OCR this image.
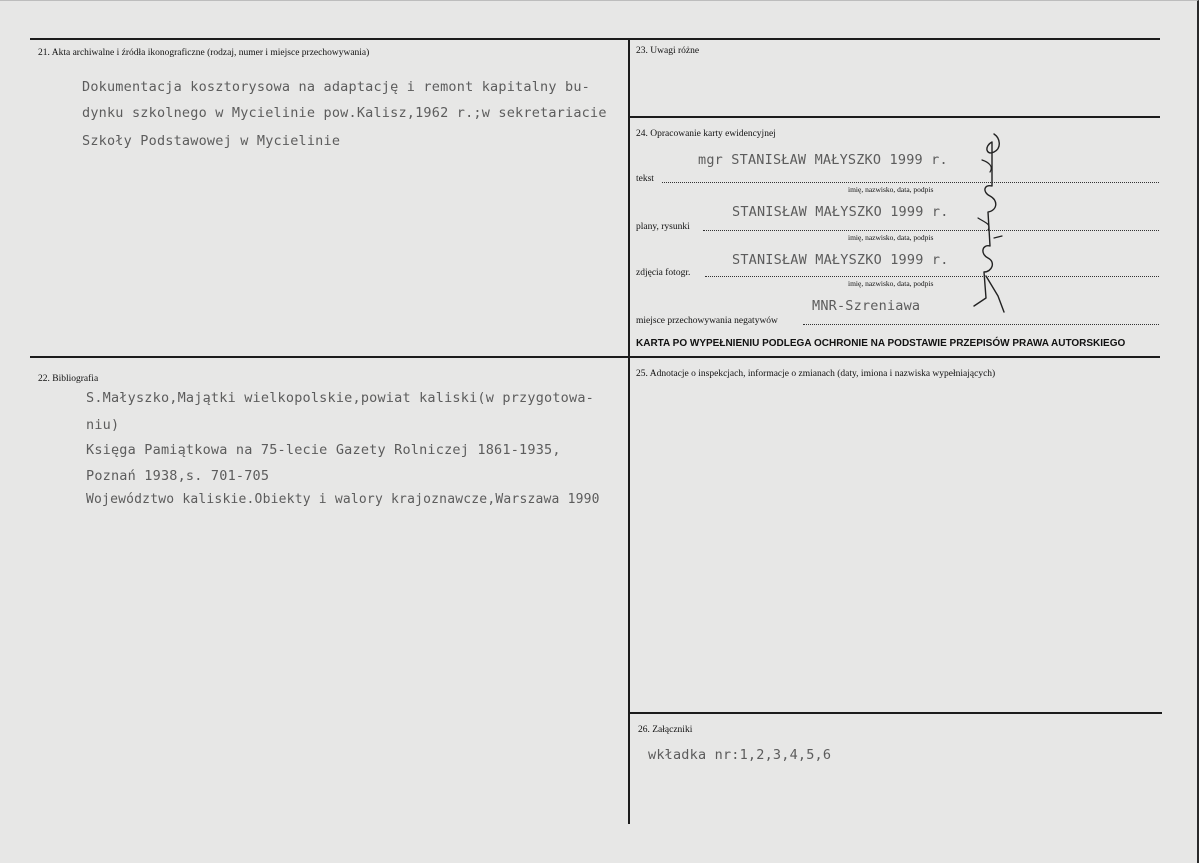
21. Akta archiwalne i źródła ikonograficzne (rodzaj, numer i miejsce przechowywania)
Dokumentacja kosztorysowa na adaptację i remont kapitalny bu-
dynku szkolnego w Mycielinie pow.Kalisz,1962 r.;w sekretariacie
Szkoły Podstawowej w Mycielinie
22. Bibliografia
S.Małyszko,Majątki wielkopolskie,powiat kaliski(w przygotowa-
niu)
Księga Pamiątkowa na 75-lecie Gazety Rolniczej 1861-1935,
Poznań 1938,s. 701-705
Województwo kaliskie.Obiekty i walory krajoznawcze,Warszawa 1990
23. Uwagi różne
24. Opracowanie karty ewidencyjnej
mgr STANISŁAW MAŁYSZKO 1999 r.
tekst
imię, nazwisko, data, podpis
STANISŁAW MAŁYSZKO 1999 r.
plany, rysunki
imię, nazwisko, data, podpis
STANISŁAW MAŁYSZKO 1999 r.
zdjęcia fotogr.
imię, nazwisko, data, podpis
MNR-Szreniawa
miejsce przechowywania negatywów
KARTA PO WYPEŁNIENIU PODLEGA OCHRONIE NA PODSTAWIE PRZEPISÓW PRAWA AUTORSKIEGO
25. Adnotacje o inspekcjach, informacje o zmianach (daty, imiona i nazwiska wypełniających)
26. Załączniki
wkładka nr:1,2,3,4,5,6
